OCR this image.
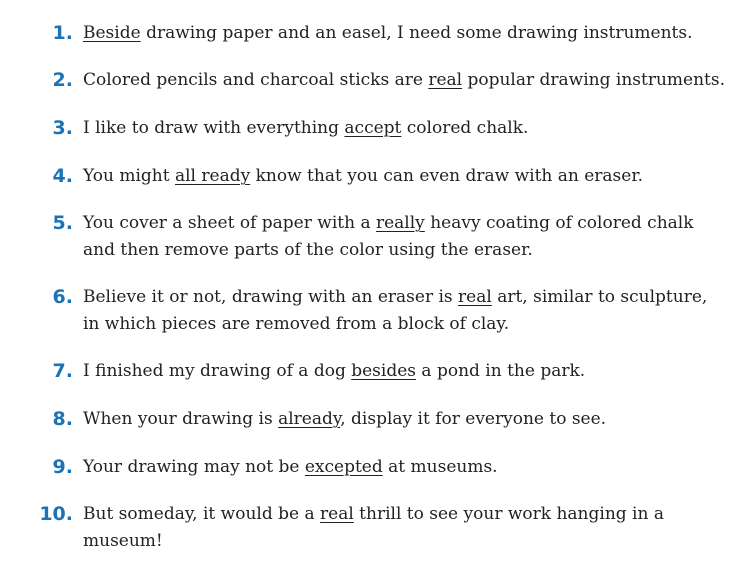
1. Beside drawing paper and an easel, I need some drawing instruments.
2. Colored pencils and charcoal sticks are real popular drawing instruments.
3. I like to draw with everything accept colored chalk.
4. You might all ready know that you can even draw with an eraser.
5. You cover a sheet of paper with a really heavy coating of colored chalk
and then remove parts of the color using the eraser.
6. Believe it or not, drawing with an eraser is real art, similar to sculpture,
in which pieces are removed from a block of clay.
7. I finished my drawing of a dog besides a pond in the park.
8. When your drawing is already, display it for everyone to see.
9. Your drawing may not be excepted at museums.
10. But someday, it would be a real thrill to see your work hanging in a
museum!
